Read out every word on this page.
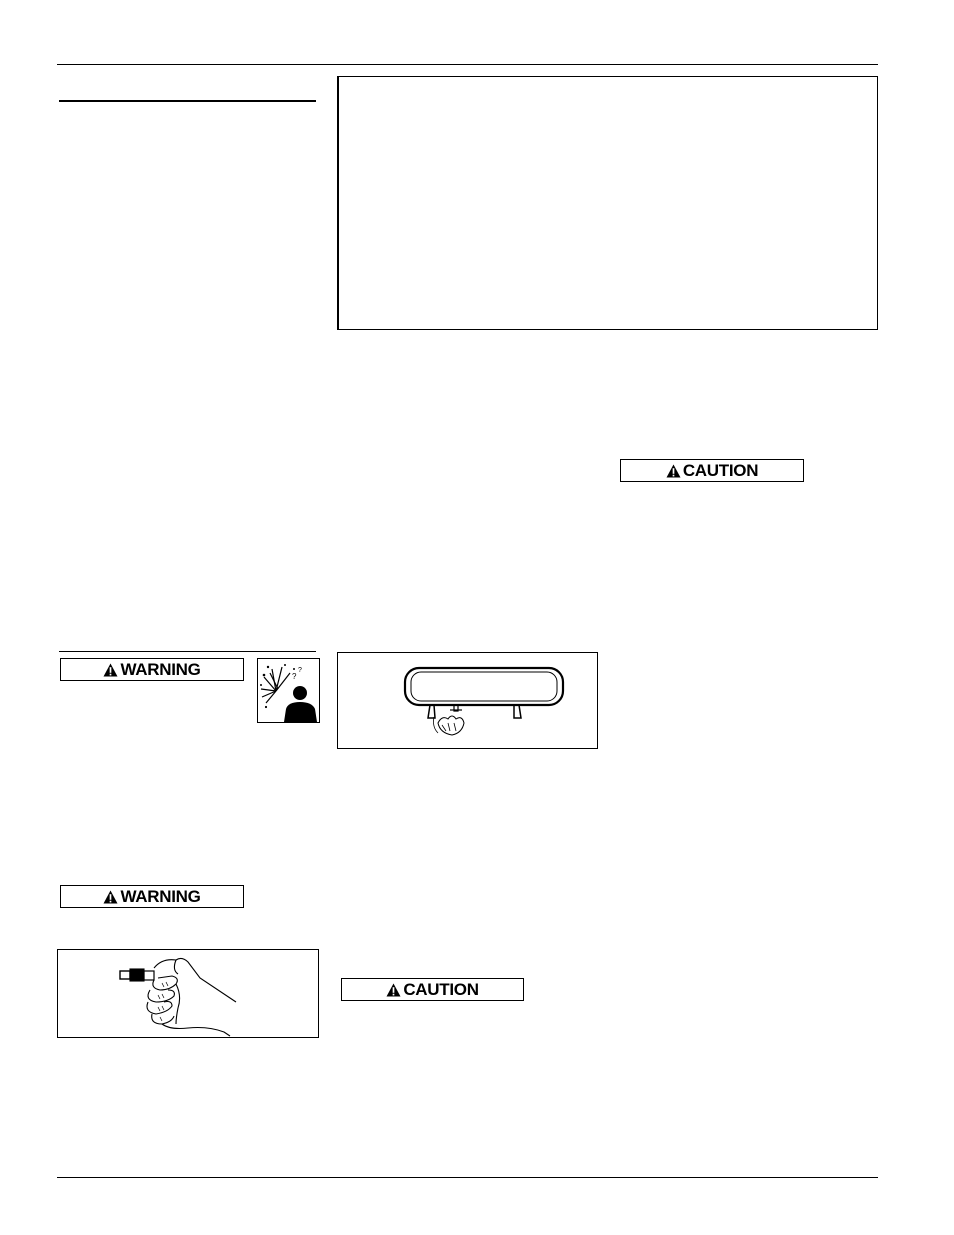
CAUTION
WARNING	?
?
WARNING
CAUTION
